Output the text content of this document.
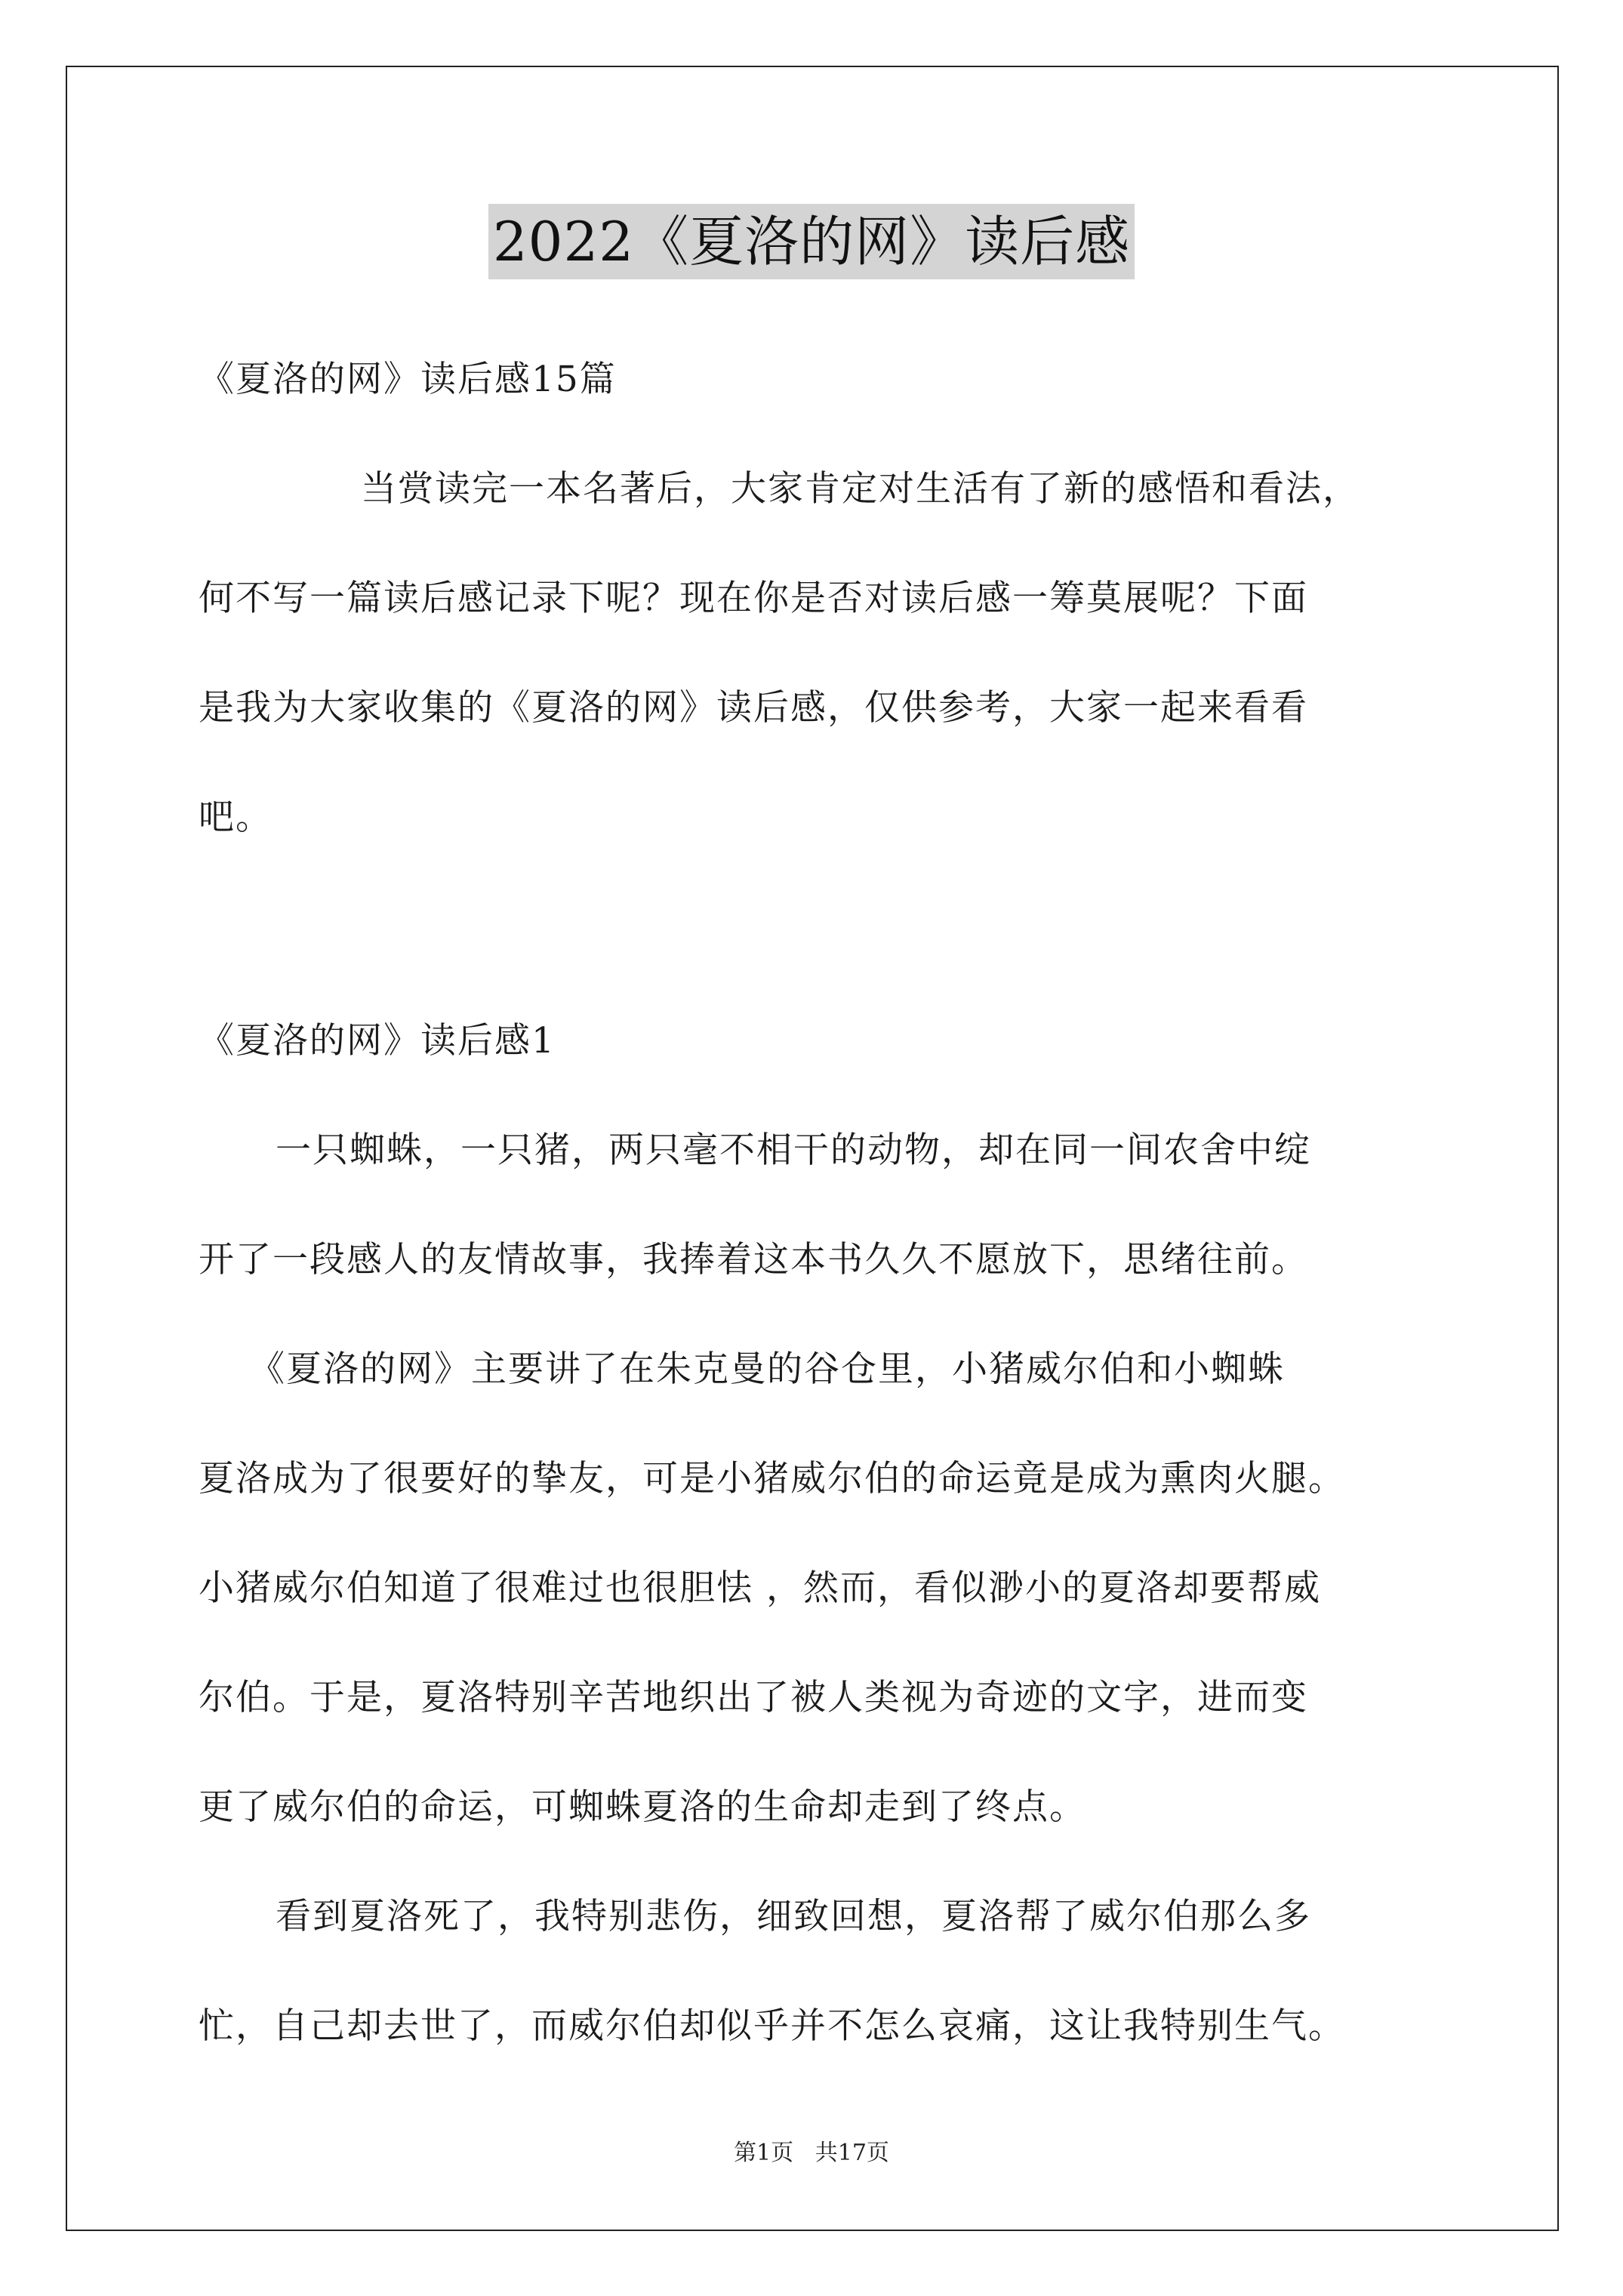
2022《夏洛的网》读后感
《夏洛的网》读后感15篇
当赏读完一本名著后，大家肯定对生活有了新的感悟和看法，
何不写一篇读后感记录下呢？现在你是否对读后感一筹莫展呢？下面
是我为大家收集的《夏洛的网》读后感，仅供参考，大家一起来看看
吧。
《夏洛的网》读后感1
一只蜘蛛，一只猪，两只毫不相干的动物，却在同一间农舍中绽
开了一段感人的友情故事，我捧着这本书久久不愿放下，思绪往前。
《夏洛的网》主要讲了在朱克曼的谷仓里，小猪威尔伯和小蜘蛛
夏洛成为了很要好的挚友，可是小猪威尔伯的命运竟是成为熏肉火腿。
小猪威尔伯知道了很难过也很胆怯 ，然而，看似渺小的夏洛却要帮威
尔伯。于是，夏洛特别辛苦地织出了被人类视为奇迹的文字，进而变
更了威尔伯的命运，可蜘蛛夏洛的生命却走到了终点。
看到夏洛死了，我特别悲伤，细致回想，夏洛帮了威尔伯那么多
忙，自己却去世了，而威尔伯却似乎并不怎么哀痛，这让我特别生气。
第1页   共17页
